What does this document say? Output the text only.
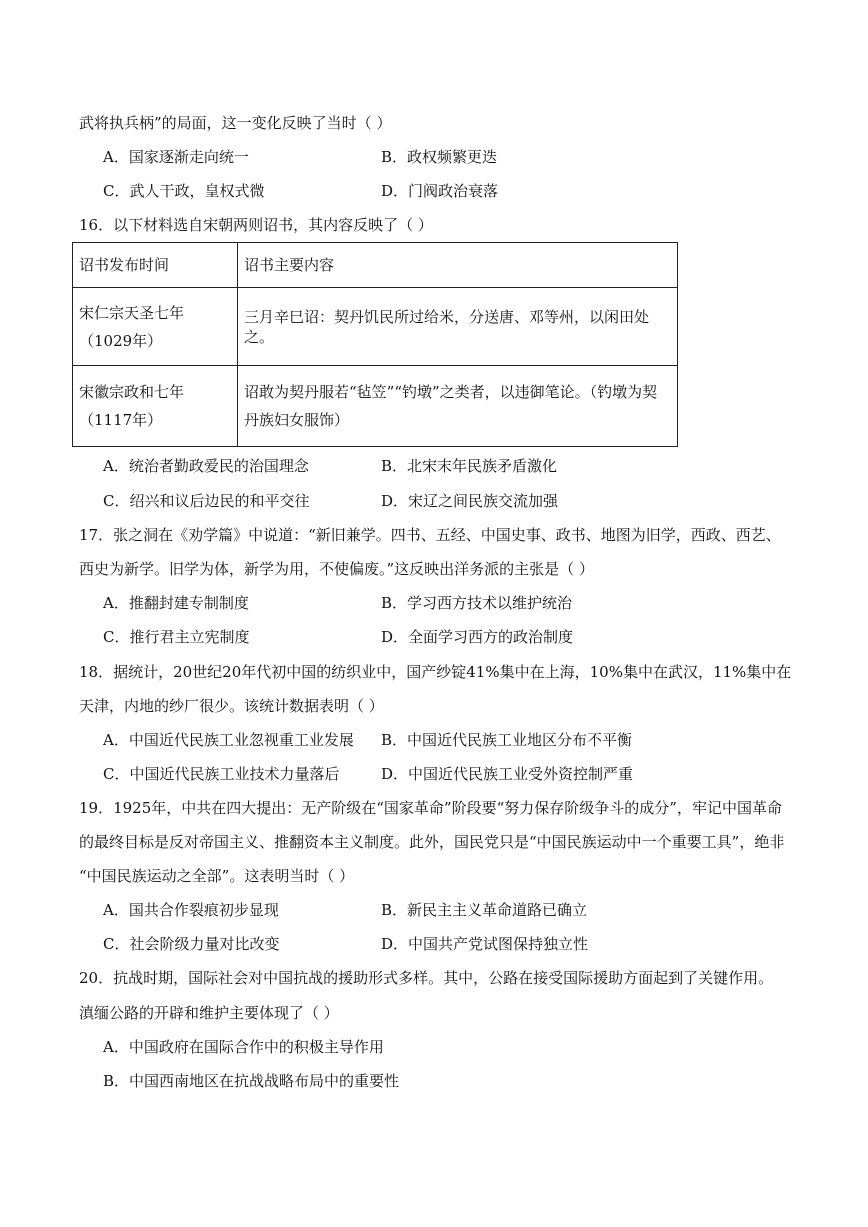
武将执兵柄”的局面，这一变化反映了当时（ ）
A．国家逐渐走向统一	B．政权频繁更迭
C．武人干政，皇权式微	D．门阀政治衰落
16．以下材料选自宋朝两则诏书，其内容反映了（ ）
诏书发布时间	诏书主要内容
宋仁宗天圣七年（1029年）	三月辛巳诏：契丹饥民所过给米，分送唐、邓等州，以闲田处之。
宋徽宗政和七年（1117年）	诏敢为契丹服若“毡笠”“钓墩”之类者，以违御笔论。（钓墩为契丹族妇女服饰）
A．统治者勤政爱民的治国理念	B．北宋末年民族矛盾激化
C．绍兴和议后边民的和平交往	D．宋辽之间民族交流加强
17．张之洞在《劝学篇》中说道：“新旧兼学。四书、五经、中国史事、政书、地图为旧学，西政、西艺、
西史为新学。旧学为体，新学为用，不使偏废。”这反映出洋务派的主张是（ ）
A．推翻封建专制制度	B．学习西方技术以维护统治
C．推行君主立宪制度	D．全面学习西方的政治制度
18．据统计，20世纪20年代初中国的纺织业中，国产纱锭41%集中在上海，10%集中在武汉，11%集中在
天津，内地的纱厂很少。该统计数据表明（ ）
A．中国近代民族工业忽视重工业发展 B．中国近代民族工业地区分布不平衡
C．中国近代民族工业技术力量落后	D．中国近代民族工业受外资控制严重
19．1925年，中共在四大提出：无产阶级在“国家革命”阶段要“努力保存阶级争斗的成分”，牢记中国革命
的最终目标是反对帝国主义、推翻资本主义制度。此外，国民党只是“中国民族运动中一个重要工具”，绝非
“中国民族运动之全部”。这表明当时（ ）
A．国共合作裂痕初步显现	B．新民主主义革命道路已确立
C．社会阶级力量对比改变	D．中国共产党试图保持独立性
20．抗战时期，国际社会对中国抗战的援助形式多样。其中，公路在接受国际援助方面起到了关键作用。
滇缅公路的开辟和维护主要体现了（ ）
A．中国政府在国际合作中的积极主导作用
B．中国西南地区在抗战战略布局中的重要性
